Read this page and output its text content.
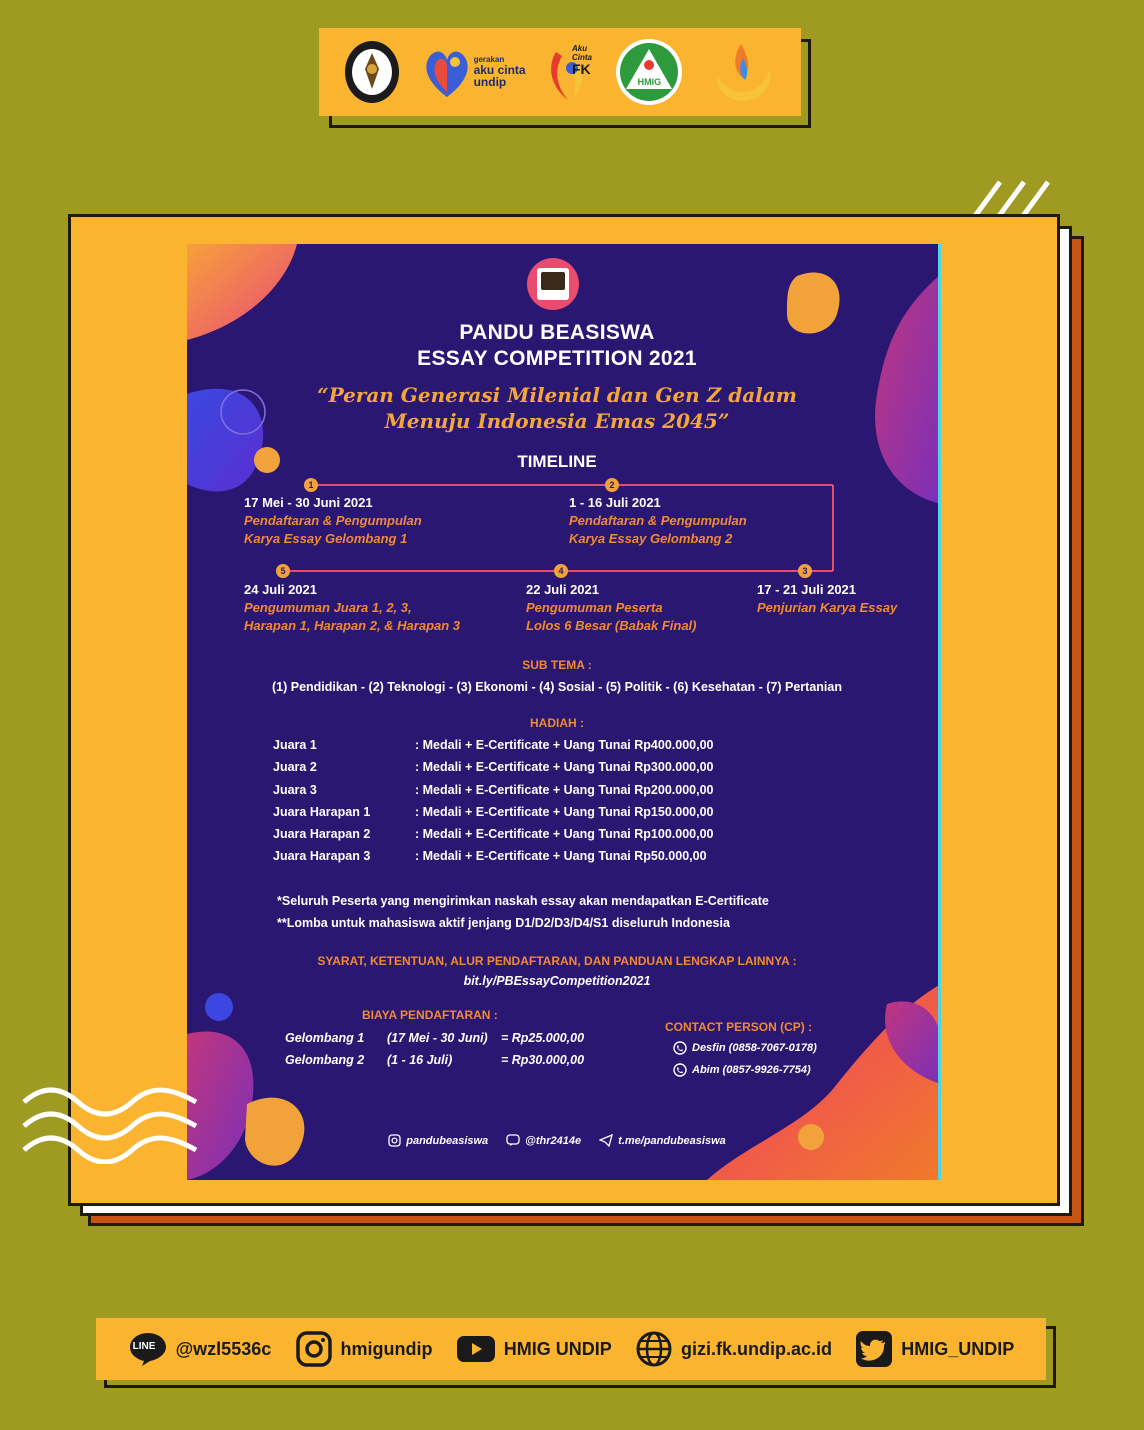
gerakan
aku cinta
undip
Aku Cinta
FK
HMIG
PANDU BEASISWA
ESSAY COMPETITION 2021
“Peran Generasi Milenial dan Gen Z dalam
Menuju Indonesia Emas 2045”
TIMELINE
1	2
3
4
5
17 Mei - 30 Juni 2021
Pendaftaran & Pengumpulan
Karya Essay Gelombang 1
1 - 16 Juli 2021
Pendaftaran & Pengumpulan
Karya Essay Gelombang 2
17 - 21 Juli 2021
Penjurian Karya Essay
22 Juli 2021
Pengumuman Peserta
Lolos 6 Besar (Babak Final)
24 Juli 2021
Pengumuman Juara 1, 2, 3,
Harapan 1, Harapan 2, & Harapan 3
SUB TEMA :
(1) Pendidikan - (2) Teknologi - (3) Ekonomi - (4) Sosial - (5) Politik - (6) Kesehatan - (7) Pertanian
HADIAH :
Juara 1	: Medali + E-Certificate + Uang Tunai Rp400.000,00
Juara 2	: Medali + E-Certificate + Uang Tunai Rp300.000,00
Juara 3	: Medali + E-Certificate + Uang Tunai Rp200.000,00
Juara Harapan 1	: Medali + E-Certificate + Uang Tunai Rp150.000,00
Juara Harapan 2	: Medali + E-Certificate + Uang Tunai Rp100.000,00
Juara Harapan 3	: Medali + E-Certificate + Uang Tunai Rp50.000,00
*Seluruh Peserta yang mengirimkan naskah essay akan mendapatkan E-Certificate
**Lomba untuk mahasiswa aktif jenjang D1/D2/D3/D4/S1 diseluruh Indonesia
SYARAT, KETENTUAN, ALUR PENDAFTARAN, DAN PANDUAN LENGKAP LAINNYA :
bit.ly/PBEssayCompetition2021
BIAYA PENDAFTARAN :
Gelombang 1	(17 Mei - 30 Juni)	= Rp25.000,00
Gelombang 2	(1 - 16 Juli)	= Rp30.000,00
CONTACT PERSON (CP) :
Desfin (0858-7067-0178)
Abim (0857-9926-7754)
pandubeasiswa	@thr2414e	t.me/pandubeasiswa
LINE @wzl5536c	hmigundip	HMIG UNDIP	gizi.fk.undip.ac.id	HMIG_UNDIP
